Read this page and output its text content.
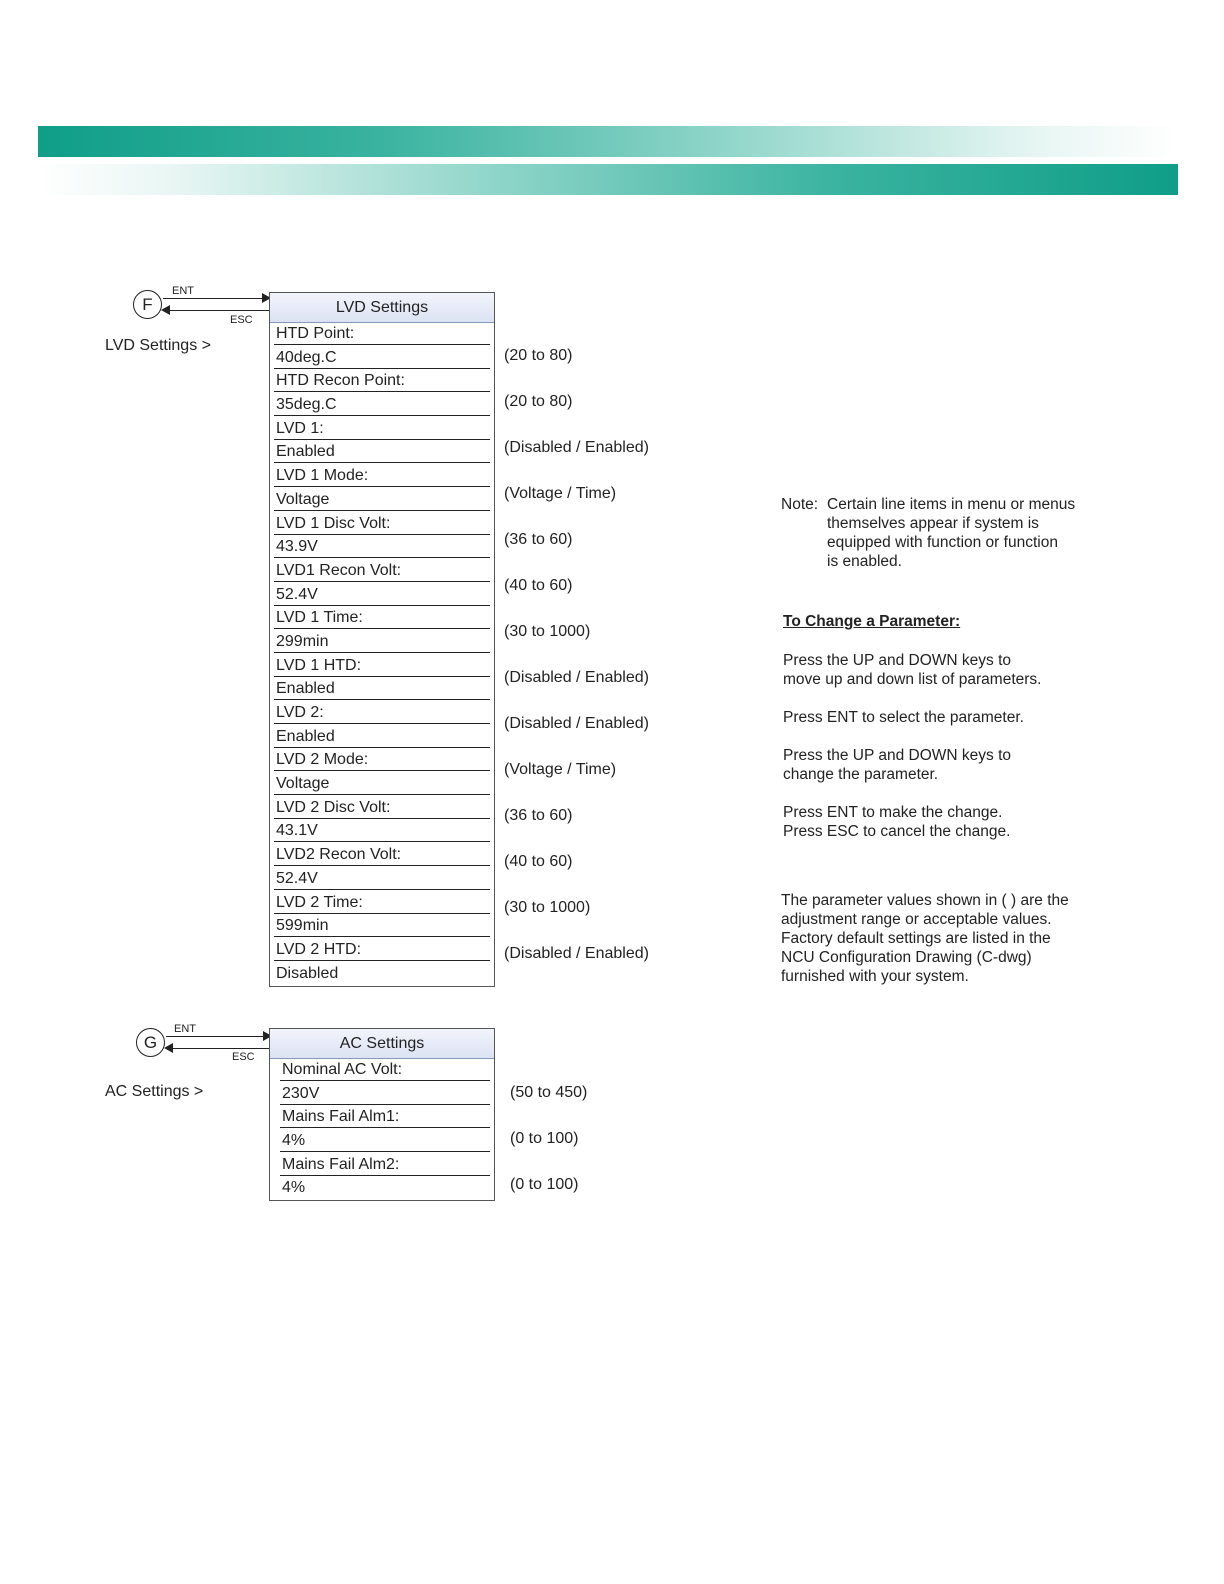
F
ENT
ESC
LVD Settings >
LVD Settings
HTD Point:
40deg.C
HTD Recon Point:
35deg.C
LVD 1:
Enabled
LVD 1 Mode:
Voltage
LVD 1 Disc Volt:
43.9V
LVD1 Recon Volt:
52.4V
LVD 1 Time:
299min
LVD 1 HTD:
Enabled
LVD 2:
Enabled
LVD 2 Mode:
Voltage
LVD 2 Disc Volt:
43.1V
LVD2 Recon Volt:
52.4V
LVD 2 Time:
599min
LVD 2 HTD:
Disabled
(20 to 80)
(20 to 80)
(Disabled / Enabled)
(Voltage / Time)
(36 to 60)
(40 to 60)
(30 to 1000)
(Disabled / Enabled)
(Disabled / Enabled)
(Voltage / Time)
(36 to 60)
(40 to 60)
(30 to 1000)
(Disabled / Enabled)
G
ENT
ESC
AC Settings >
AC Settings
Nominal AC Volt:
230V
Mains Fail Alm1:
4%
Mains Fail Alm2:
4%
(50 to 450)
(0 to 100)
(0 to 100)
Note: Certain line items in menu or menus
themselves appear if system is
equipped with function or function
is enabled.
To Change a Parameter:
Press the UP and DOWN keys to
move up and down list of parameters.
Press ENT to select the parameter.
Press the UP and DOWN keys to
change the parameter.
Press ENT to make the change.
Press ESC to cancel the change.
The parameter values shown in ( ) are the
adjustment range or acceptable values.
Factory default settings are listed in the
NCU Configuration Drawing (C-dwg)
furnished with your system.
